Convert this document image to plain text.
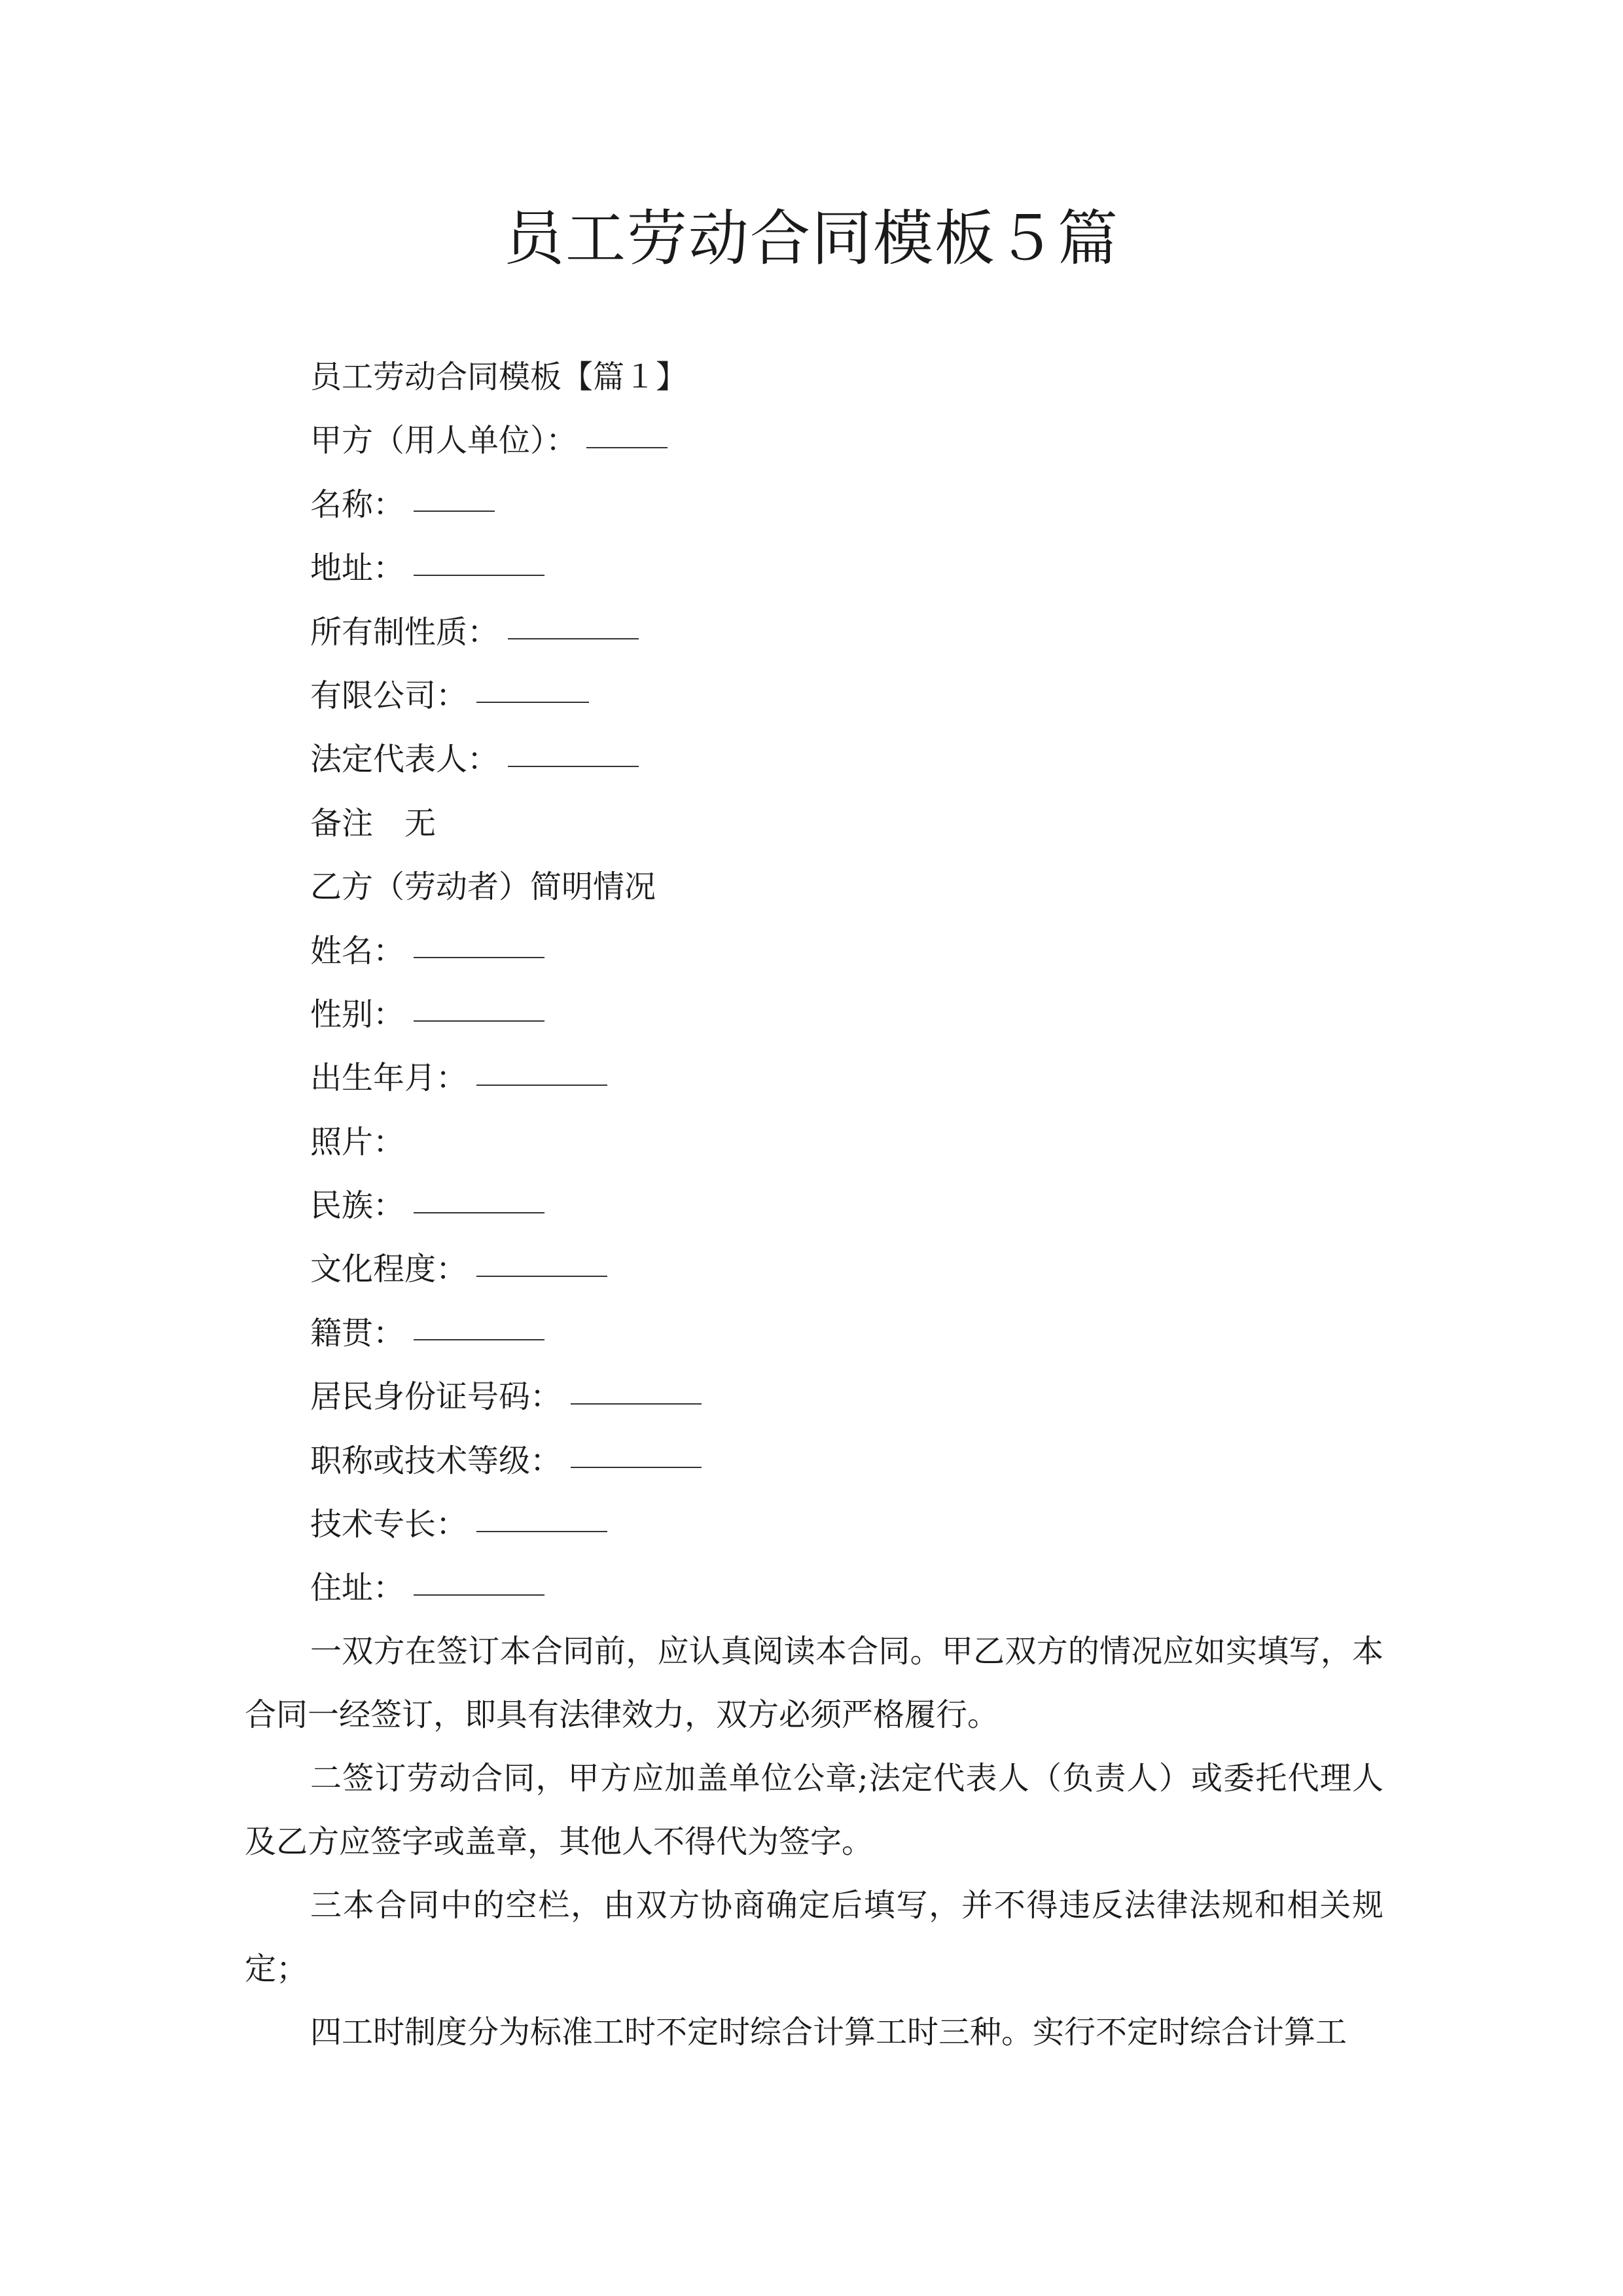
员工劳动合同模板５篇
员工劳动合同模板【篇１】
甲方（用人单位）：
名称：
地址：
所有制性质：
有限公司：
法定代表人：
备注　无
乙方（劳动者）简明情况
姓名：
性别：
出生年月：
照片：
民族：
文化程度：
籍贯：
居民身份证号码：
职称或技术等级：
技术专长：
住址：

一双方在签订本合同前，应认真阅读本合同。甲乙双方的情况应如实填写，本合同一经签订，即具有法律效力，双方必须严格履行。

二签订劳动合同，甲方应加盖单位公章;法定代表人（负责人）或委托代理人及乙方应签字或盖章，其他人不得代为签字。

三本合同中的空栏，由双方协商确定后填写，并不得违反法律法规和相关规定；

四工时制度分为标准工时不定时综合计算工时三种。实行不定时综合计算工
